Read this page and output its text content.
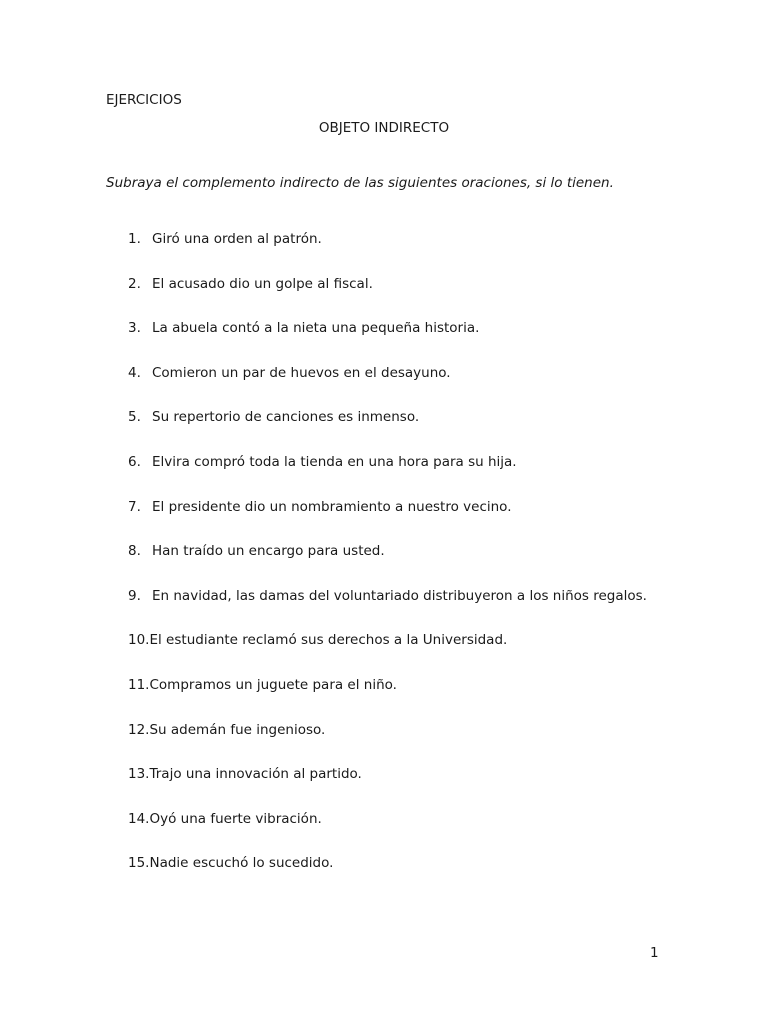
EJERCICIOS
OBJETO INDIRECTO
Subraya el complemento indirecto de las siguientes oraciones, si lo tienen.
1. Giró una orden al patrón.
2. El acusado dio un golpe al fiscal.
3. La abuela contó a la nieta una pequeña historia.
4. Comieron un par de huevos en el desayuno.
5. Su repertorio de canciones es inmenso.
6. Elvira compró toda la tienda en una hora para su hija.
7. El presidente dio un nombramiento a nuestro vecino.
8. Han traído un encargo para usted.
9. En navidad, las damas del voluntariado distribuyeron a los niños regalos.
10. El estudiante reclamó sus derechos a la Universidad.
11. Compramos un juguete para el niño.
12. Su ademán fue ingenioso.
13. Trajo una innovación al partido.
14. Oyó una fuerte vibración.
15. Nadie escuchó lo sucedido.
1
